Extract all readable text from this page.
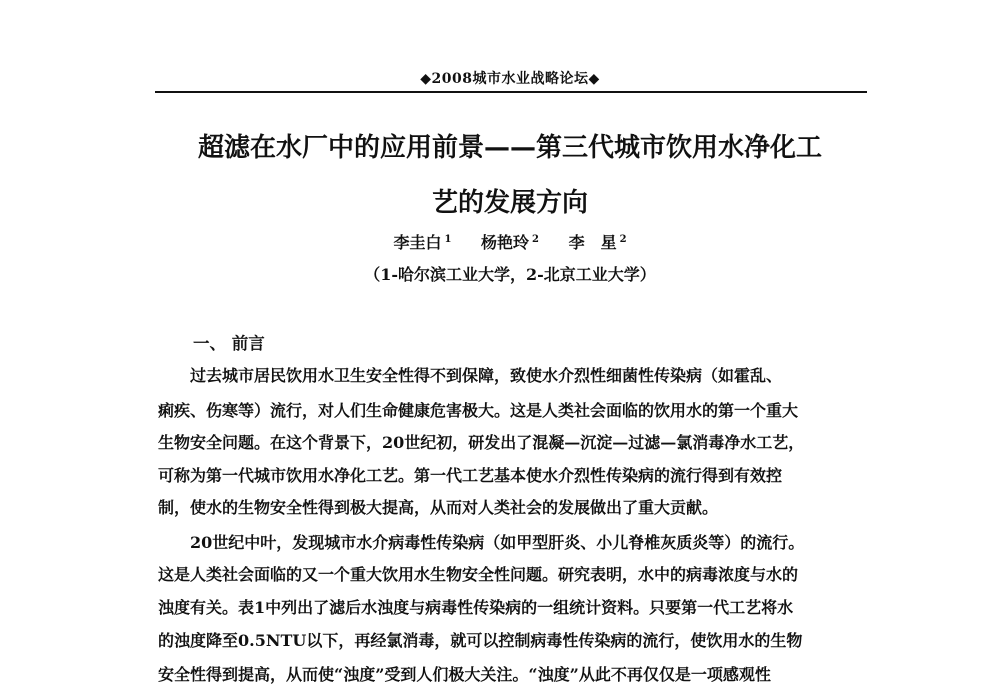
◆2008城市水业战略论坛◆
超滤在水厂中的应用前景——第三代城市饮用水净化工
艺的发展方向
李圭白 $^1$ 杨艳玲 $^2$ 李　星 $^2$
（1-哈尔滨工业大学，2-北京工业大学）
一、 前言
　　过去城市居民饮用水卫生安全性得不到保障，致使水介烈性细菌性传染病（如霍乱、
痢疾、伤寒等）流行，对人们生命健康危害极大。这是人类社会面临的饮用水的第一个重大
生物安全问题。在这个背景下，20世纪初，研发出了混凝—沉淀—过滤—氯消毒净水工艺，
可称为第一代城市饮用水净化工艺。第一代工艺基本使水介烈性传染病的流行得到有效控
制，使水的生物安全性得到极大提高，从而对人类社会的发展做出了重大贡献。
　　20世纪中叶，发现城市水介病毒性传染病（如甲型肝炎、小儿脊椎灰质炎等）的流行。
这是人类社会面临的又一个重大饮用水生物安全性问题。研究表明，水中的病毒浓度与水的
浊度有关。表1中列出了滤后水浊度与病毒性传染病的一组统计资料。只要第一代工艺将水
的浊度降至0.5NTU以下，再经氯消毒，就可以控制病毒性传染病的流行，使饮用水的生物
安全性得到提高，从而使“浊度”受到人们极大关注。“浊度”从此不再仅仅是一项感观性
